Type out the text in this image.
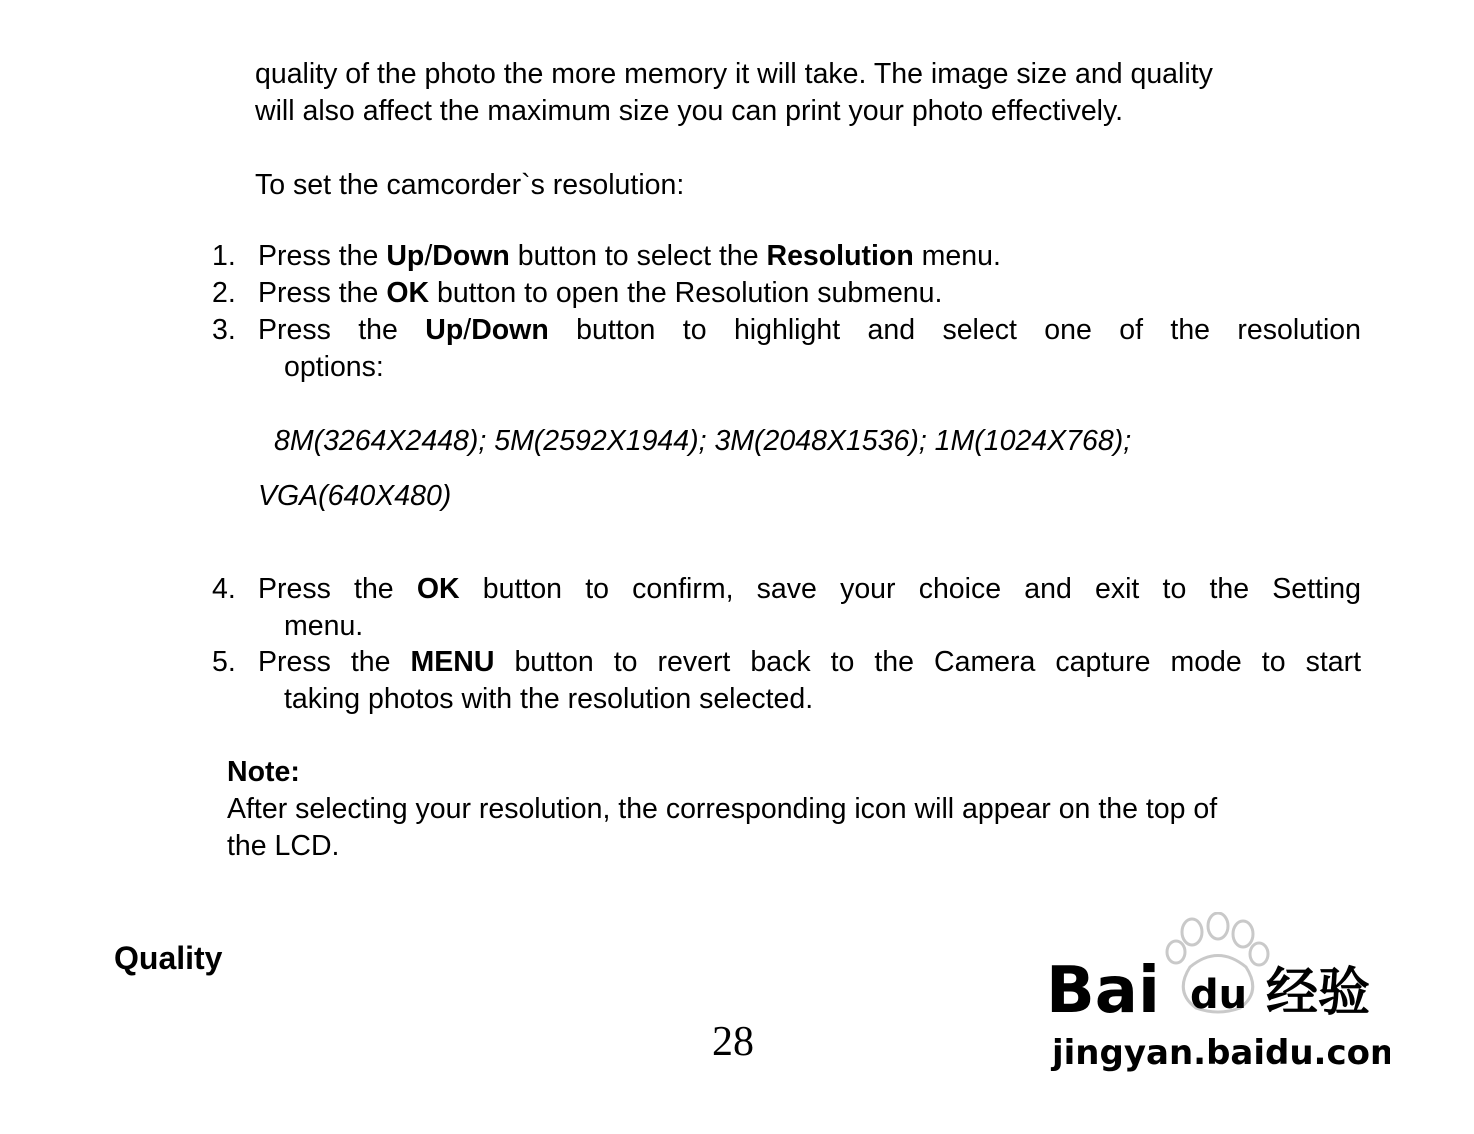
quality of the photo the more memory it will take. The image size and quality
will also affect the maximum size you can print your photo effectively.
To set the camcorder`s resolution:
1. Press the Up/Down button to select the Resolution menu.
2. Press the OK button to open the Resolution submenu.
3. Press the Up/Down button to highlight and select one of the resolution
options:
8M(3264X2448); 5M(2592X1944); 3M(2048X1536); 1M(1024X768);
VGA(640X480)
4. Press the OK button to confirm, save your choice and exit to the Setting
menu.
5. Press the MENU button to revert back to the Camera capture mode to start
taking photos with the resolution selected.
Note:
After selecting your resolution, the corresponding icon will appear on the top of
the LCD.
Quality
28
Bai du 经验
jingyan.baidu.com
